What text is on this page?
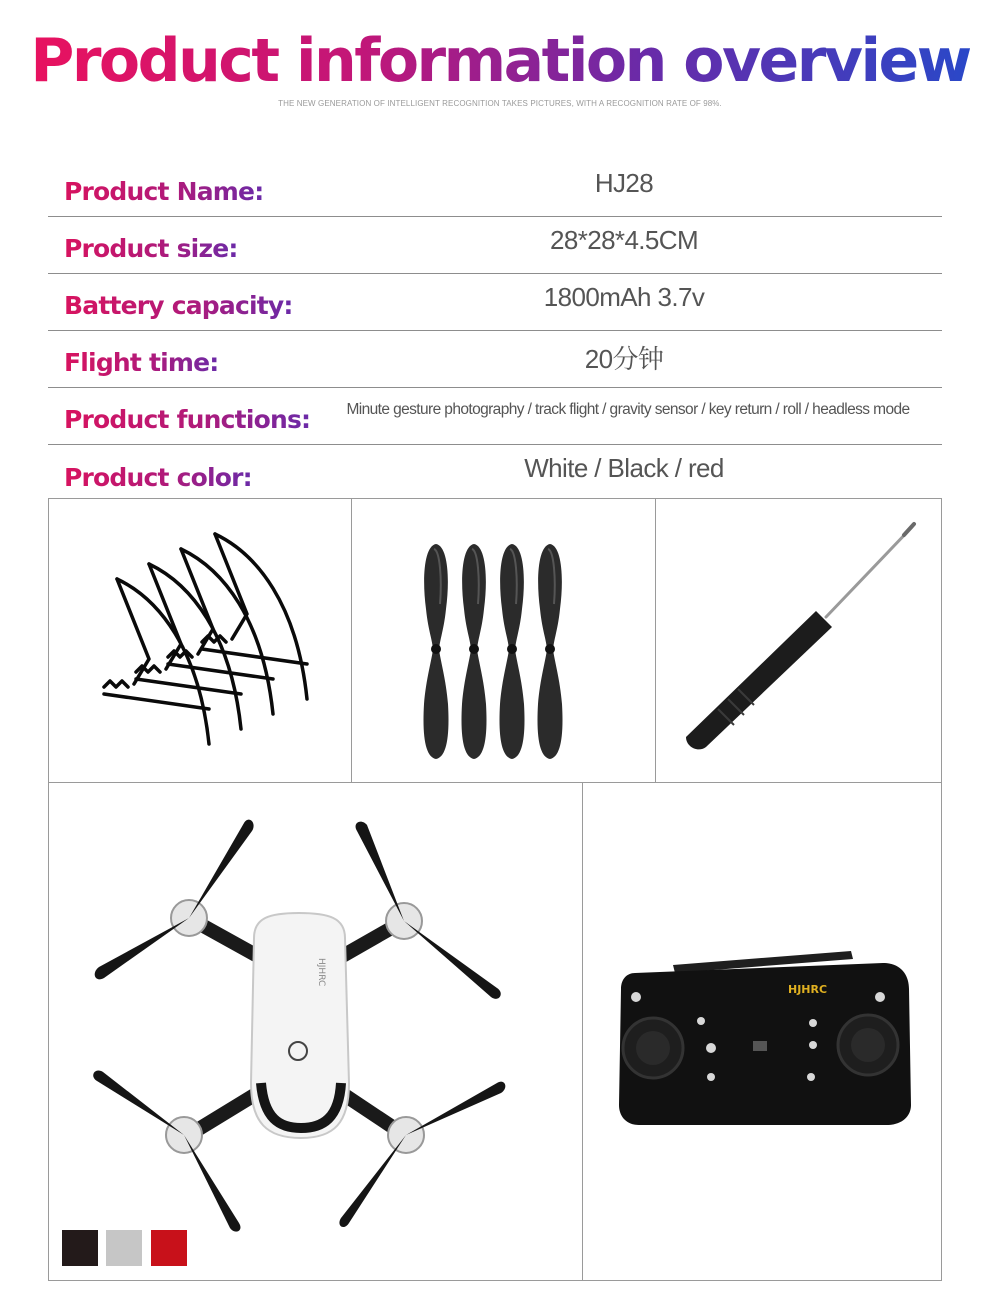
Product information overview
THE NEW GENERATION OF INTELLIGENT RECOGNITION TAKES PICTURES, WITH A RECOGNITION RATE OF 98%.
Product Name:	HJ28
Product size:	28*28*4.5CM
Battery capacity:	1800mAh 3.7v
Flight time:	20分钟
Product functions:	Minute gesture photography / track flight / gravity sensor / key return / roll / headless mode
Product color:	White / Black / red
HJHRC
HJHRC
